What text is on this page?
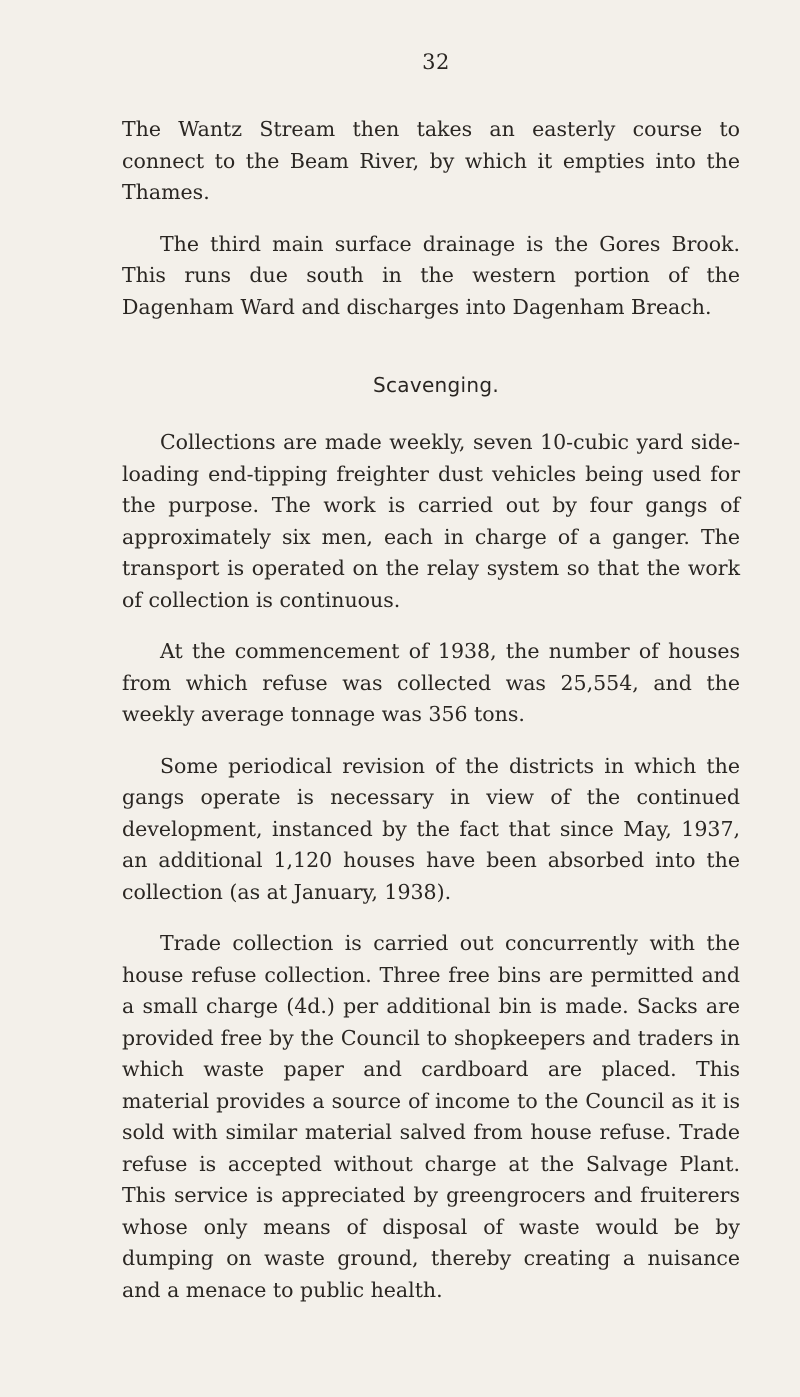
32

The Wantz Stream then takes an easterly course to connect to the Beam River, by which it empties into the Thames.

The third main surface drainage is the Gores Brook. This runs due south in the western portion of the Dagenham Ward and discharges into Dagenham Breach.

Scavenging.

Collections are made weekly, seven 10-cubic yard side-loading end-tipping freighter dust vehicles being used for the purpose. The work is carried out by four gangs of approximately six men, each in charge of a ganger. The transport is operated on the relay system so that the work of collection is continuous.

At the commencement of 1938, the number of houses from which refuse was collected was 25,554, and the weekly average tonnage was 356 tons.

Some periodical revision of the districts in which the gangs operate is necessary in view of the continued development, instanced by the fact that since May, 1937, an additional 1,120 houses have been absorbed into the collection (as at January, 1938).

Trade collection is carried out concurrently with the house refuse collection. Three free bins are permitted and a small charge (4d.) per additional bin is made. Sacks are provided free by the Council to shopkeepers and traders in which waste paper and cardboard are placed. This material provides a source of income to the Council as it is sold with similar material salved from house refuse. Trade refuse is accepted without charge at the Salvage Plant. This service is appreciated by greengrocers and fruiterers whose only means of disposal of waste would be by dumping on waste ground, thereby creating a nuisance and a menace to public health.
